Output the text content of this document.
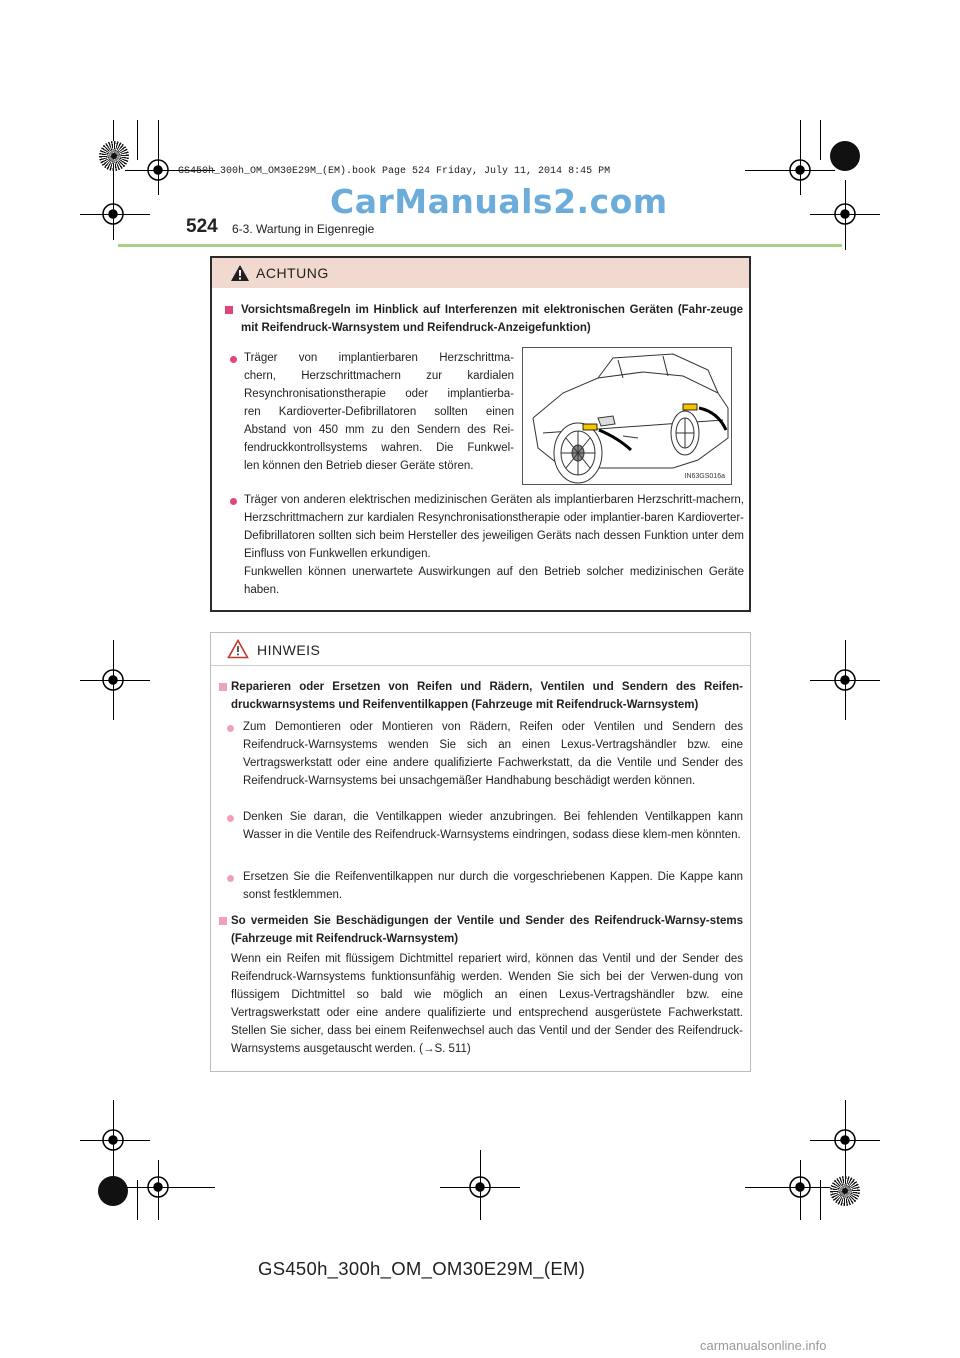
GS450h_300h_OM_OM30E29M_(EM).book Page 524 Friday, July 11, 2014 8:45 PM
CarManuals2.com
524 6-3. Wartung in Eigenregie
ACHTUNG
Vorsichtsmaßregeln im Hinblick auf Interferenzen mit elektronischen Geräten (Fahr-zeuge mit Reifendruck-Warnsystem und Reifendruck-Anzeigefunktion)
Träger von implantierbaren Herzschrittma-
chern, Herzschrittmachern zur kardialen
Resynchronisationstherapie oder implantierba-
ren Kardioverter-Defibrillatoren sollten einen
Abstand von 450 mm zu den Sendern des Rei-
fendruckkontrollsystems wahren. Die Funkwel-
len können den Betrieb dieser Geräte stören.
Träger von anderen elektrischen medizinischen Geräten als implantierbaren Herzschritt-machern, Herzschrittmachern zur kardialen Resynchronisationstherapie oder implantier-baren Kardioverter-Defibrillatoren sollten sich beim Hersteller des jeweiligen Geräts nach dessen Funktion unter dem Einfluss von Funkwellen erkundigen.
Funkwellen können unerwartete Auswirkungen auf den Betrieb solcher medizinischen Geräte haben.
IN63GS016a
HINWEIS
Reparieren oder Ersetzen von Reifen und Rädern, Ventilen und Sendern des Reifen-druckwarnsystems und Reifenventilkappen (Fahrzeuge mit Reifendruck-Warnsystem)
Zum Demontieren oder Montieren von Rädern, Reifen oder Ventilen und Sendern des Reifendruck-Warnsystems wenden Sie sich an einen Lexus-Vertragshändler bzw. eine Vertragswerkstatt oder eine andere qualifizierte Fachwerkstatt, da die Ventile und Sender des Reifendruck-Warnsystems bei unsachgemäßer Handhabung beschädigt werden können.
Denken Sie daran, die Ventilkappen wieder anzubringen. Bei fehlenden Ventilkappen kann Wasser in die Ventile des Reifendruck-Warnsystems eindringen, sodass diese klem-men könnten.
Ersetzen Sie die Reifenventilkappen nur durch die vorgeschriebenen Kappen. Die Kappe kann sonst festklemmen.
So vermeiden Sie Beschädigungen der Ventile und Sender des Reifendruck-Warnsy-stems (Fahrzeuge mit Reifendruck-Warnsystem)
Wenn ein Reifen mit flüssigem Dichtmittel repariert wird, können das Ventil und der Sender des Reifendruck-Warnsystems funktionsunfähig werden. Wenden Sie sich bei der Verwen-dung von flüssigem Dichtmittel so bald wie möglich an einen Lexus-Vertragshändler bzw. eine Vertragswerkstatt oder eine andere qualifizierte und entsprechend ausgerüstete Fachwerkstatt. Stellen Sie sicher, dass bei einem Reifenwechsel auch das Ventil und der Sender des Reifendruck-Warnsystems ausgetauscht werden. (→S. 511)
GS450h_300h_OM_OM30E29M_(EM)
carmanualsonline.info
